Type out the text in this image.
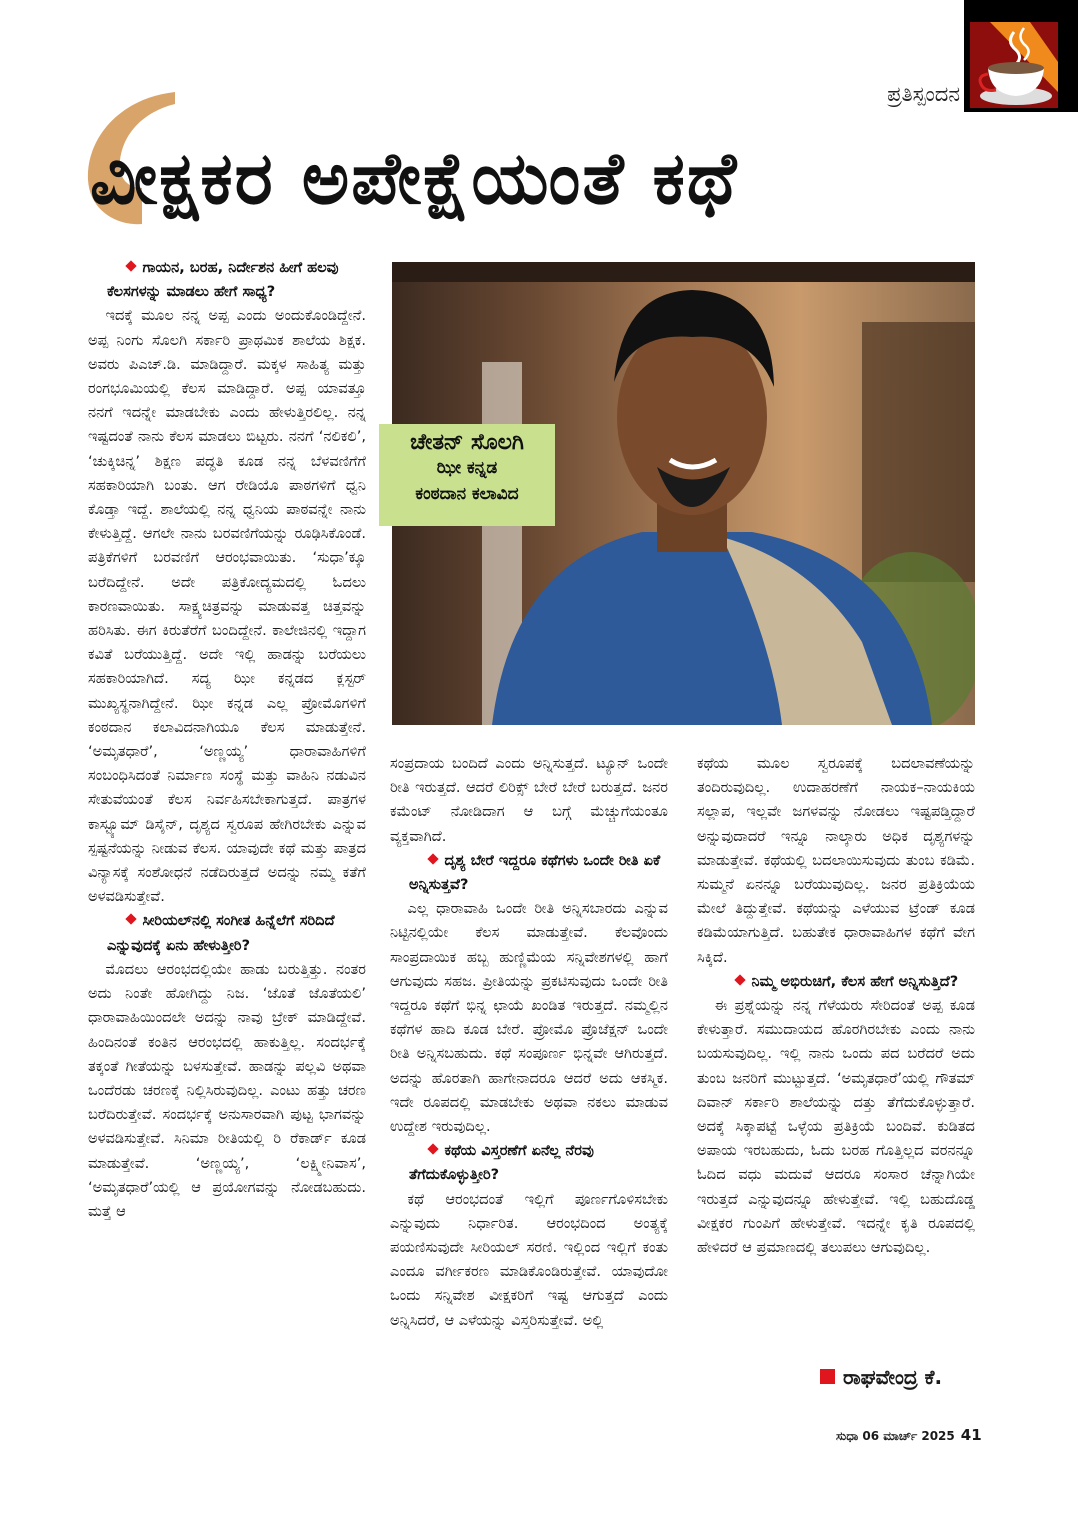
ಪ್ರತಿಸ್ಪಂದನ
ವೀಕ್ಷಕರ ಅಪೇಕ್ಷೆಯಂತೆ ಕಥೆ

ಗಾಯನ, ಬರಹ, ನಿರ್ದೇಶನ ಹೀಗೆ ಹಲವು ಕೆಲಸಗಳನ್ನು ಮಾಡಲು ಹೇಗೆ ಸಾಧ್ಯ?

ಇದಕ್ಕೆ ಮೂಲ ನನ್ನ ಅಪ್ಪ ಎಂದು ಅಂದುಕೊಂಡಿದ್ದೇನೆ. ಅಪ್ಪ ನಿಂಗು ಸೊಲಗಿ ಸರ್ಕಾರಿ ಪ್ರಾಥಮಿಕ ಶಾಲೆಯ ಶಿಕ್ಷಕ. ಅವರು ಪಿಎಚ್.ಡಿ. ಮಾಡಿದ್ದಾರೆ. ಮಕ್ಕಳ ಸಾಹಿತ್ಯ ಮತ್ತು ರಂಗಭೂಮಿಯಲ್ಲಿ ಕೆಲಸ ಮಾಡಿದ್ದಾರೆ. ಅಪ್ಪ ಯಾವತ್ತೂ ನನಗೆ ಇದನ್ನೇ ಮಾಡಬೇಕು ಎಂದು ಹೇಳುತ್ತಿರಲಿಲ್ಲ. ನನ್ನ ಇಷ್ಟದಂತೆ ನಾನು ಕೆಲಸ ಮಾಡಲು ಬಿಟ್ಟರು. ನನಗೆ ‘ನಲಿಕಲಿ’, ‘ಚುಕ್ಕಿಚಿನ್ನ’ ಶಿಕ್ಷಣ ಪದ್ಧತಿ ಕೂಡ ನನ್ನ ಬೆಳವಣಿಗೆಗೆ ಸಹಕಾರಿಯಾಗಿ ಬಂತು. ಆಗ ರೇಡಿಯೊ ಪಾಠಗಳಿಗೆ ಧ್ವನಿ ಕೊಡ್ತಾ ಇದ್ದೆ. ಶಾಲೆಯಲ್ಲಿ ನನ್ನ ಧ್ವನಿಯ ಪಾಠವನ್ನೇ ನಾನು ಕೇಳುತ್ತಿದ್ದೆ. ಆಗಲೇ ನಾನು ಬರವಣಿಗೆಯನ್ನು ರೂಢಿಸಿಕೊಂಡೆ. ಪತ್ರಿಕೆಗಳಿಗೆ ಬರವಣಿಗೆ ಆರಂಭವಾಯಿತು. ‘ಸುಧಾ’ಕ್ಕೂ ಬರೆದಿದ್ದೇನೆ. ಅದೇ ಪತ್ರಿಕೋದ್ಯಮದಲ್ಲಿ ಓದಲು ಕಾರಣವಾಯಿತು. ಸಾಕ್ಷ್ಯಚಿತ್ರವನ್ನು ಮಾಡುವತ್ತ ಚಿತ್ತವನ್ನು ಹರಿಸಿತು. ಈಗ ಕಿರುತೆರೆಗೆ ಬಂದಿದ್ದೇನೆ. ಕಾಲೇಜಿನಲ್ಲಿ ಇದ್ದಾಗ ಕವಿತೆ ಬರೆಯುತ್ತಿದ್ದೆ. ಅದೇ ಇಲ್ಲಿ ಹಾಡನ್ನು ಬರೆಯಲು ಸಹಕಾರಿಯಾಗಿದೆ. ಸದ್ಯ ಝೀ ಕನ್ನಡದ ಕ್ಲಸ್ಟರ್ ಮುಖ್ಯಸ್ಥನಾಗಿದ್ದೇನೆ. ಝೀ ಕನ್ನಡ ಎಲ್ಲ ಪ್ರೋಮೊಗಳಿಗೆ ಕಂಠದಾನ ಕಲಾವಿದನಾಗಿಯೂ ಕೆಲಸ ಮಾಡುತ್ತೇನೆ. ‘ಅಮೃತಧಾರೆ’, ‘ಅಣ್ಣಯ್ಯ’ ಧಾರಾವಾಹಿಗಳಿಗೆ ಸಂಬಂಧಿಸಿದಂತೆ ನಿರ್ಮಾಣ ಸಂಸ್ಥೆ ಮತ್ತು ವಾಹಿನಿ ನಡುವಿನ ಸೇತುವೆಯಂತೆ ಕೆಲಸ ನಿರ್ವಹಿಸಬೇಕಾಗುತ್ತದೆ. ಪಾತ್ರಗಳ ಕಾಸ್ಟ್ಯೂಮ್ ಡಿಸೈನ್, ದೃಶ್ಯದ ಸ್ವರೂಪ ಹೇಗಿರಬೇಕು ಎನ್ನುವ ಸ್ಪಷ್ಟನೆಯನ್ನು ನೀಡುವ ಕೆಲಸ. ಯಾವುದೇ ಕಥೆ ಮತ್ತು ಪಾತ್ರದ ವಿನ್ಯಾಸಕ್ಕೆ ಸಂಶೋಧನೆ ನಡೆದಿರುತ್ತದೆ ಅದನ್ನು ನಮ್ಮ ಕತೆಗೆ ಅಳವಡಿಸುತ್ತೇವೆ.

ಸೀರಿಯಲ್‌ನಲ್ಲಿ ಸಂಗೀತ ಹಿನ್ನೆಲೆಗೆ ಸರಿದಿದೆ ಎನ್ನುವುದಕ್ಕೆ ಏನು ಹೇಳುತ್ತೀರಿ?

ಮೊದಲು ಆರಂಭದಲ್ಲಿಯೇ ಹಾಡು ಬರುತ್ತಿತ್ತು. ನಂತರ ಅದು ನಿಂತೇ ಹೋಗಿದ್ದು ನಿಜ. ‘ಜೊತೆ ಜೊತೆಯಲಿ’ ಧಾರಾವಾಹಿಯಿಂದಲೇ ಅದನ್ನು ನಾವು ಬ್ರೇಕ್ ಮಾಡಿದ್ದೇವೆ. ಹಿಂದಿನಂತೆ ಕಂತಿನ ಆರಂಭದಲ್ಲಿ ಹಾಕುತ್ತಿಲ್ಲ. ಸಂದರ್ಭಕ್ಕೆ ತಕ್ಕಂತೆ ಗೀತೆಯನ್ನು ಬಳಸುತ್ತೇವೆ. ಹಾಡನ್ನು ಪಲ್ಲವಿ ಅಥವಾ ಒಂದೆರಡು ಚರಣಕ್ಕೆ ನಿಲ್ಲಿಸಿರುವುದಿಲ್ಲ. ಎಂಟು ಹತ್ತು ಚರಣ ಬರೆದಿರುತ್ತೇವೆ. ಸಂದರ್ಭಕ್ಕೆ ಅನುಸಾರವಾಗಿ ಪುಟ್ಟ ಭಾಗವನ್ನು ಅಳವಡಿಸುತ್ತೇವೆ. ಸಿನಿಮಾ ರೀತಿಯಲ್ಲಿ ರಿ ರೆಕಾರ್ಡ್ ಕೂಡ ಮಾಡುತ್ತೇವೆ. ‘ಅಣ್ಣಯ್ಯ’, ‘ಲಕ್ಷ್ಮೀನಿವಾಸ’, ‘ಅಮೃತಧಾರೆ’ಯಲ್ಲಿ ಆ ಪ್ರಯೋಗವನ್ನು ನೋಡಬಹುದು. ಮತ್ತೆ ಆ

ಚೇತನ್ ಸೊಲಗಿ
ಝೀ ಕನ್ನಡ
ಕಂಠದಾನ ಕಲಾವಿದ

ಸಂಪ್ರದಾಯ ಬಂದಿದೆ ಎಂದು ಅನ್ನಿಸುತ್ತದೆ. ಟ್ಯೂನ್ ಒಂದೇ ರೀತಿ ಇರುತ್ತದೆ. ಆದರೆ ಲಿರಿಕ್ಸ್ ಬೇರೆ ಬೇರೆ ಬರುತ್ತದೆ. ಜನರ ಕಮೆಂಟ್ ನೋಡಿದಾಗ ಆ ಬಗ್ಗೆ ಮೆಚ್ಚುಗೆಯಂತೂ ವ್ಯಕ್ತವಾಗಿದೆ.

ದೃಶ್ಯ ಬೇರೆ ಇದ್ದರೂ ಕಥೆಗಳು ಒಂದೇ ರೀತಿ ಏಕೆ ಅನ್ನಿಸುತ್ತವೆ?

ಎಲ್ಲ ಧಾರಾವಾಹಿ ಒಂದೇ ರೀತಿ ಅನ್ನಿಸಬಾರದು ಎನ್ನುವ ನಿಟ್ಟಿನಲ್ಲಿಯೇ ಕೆಲಸ ಮಾಡುತ್ತೇವೆ. ಕೆಲವೊಂದು ಸಾಂಪ್ರದಾಯಿಕ ಹಬ್ಬ ಹುಣ್ಣಿಮೆಯ ಸನ್ನಿವೇಶಗಳಲ್ಲಿ ಹಾಗೆ ಆಗುವುದು ಸಹಜ. ಪ್ರೀತಿಯನ್ನು ಪ್ರಕಟಿಸುವುದು ಒಂದೇ ರೀತಿ ಇದ್ದರೂ ಕಥೆಗೆ ಭಿನ್ನ ಛಾಯೆ ಖಂಡಿತ ಇರುತ್ತದೆ. ನಮ್ಮಲ್ಲಿನ ಕಥೆಗಳ ಹಾದಿ ಕೂಡ ಬೇರೆ. ಪ್ರೋಮೊ ಪ್ರೊಜೆಕ್ಷನ್ ಒಂದೇ ರೀತಿ ಅನ್ನಿಸಬಹುದು. ಕಥೆ ಸಂಪೂರ್ಣ ಭಿನ್ನವೇ ಆಗಿರುತ್ತದೆ. ಅದನ್ನು ಹೊರತಾಗಿ ಹಾಗೇನಾದರೂ ಆದರೆ ಅದು ಆಕಸ್ಮಿಕ. ಇದೇ ರೂಪದಲ್ಲಿ ಮಾಡಬೇಕು ಅಥವಾ ನಕಲು ಮಾಡುವ ಉದ್ದೇಶ ಇರುವುದಿಲ್ಲ.

ಕಥೆಯ ವಿಸ್ತರಣೆಗೆ ಏನೆಲ್ಲ ನೆರವು ತೆಗೆದುಕೊಳ್ಳುತ್ತೀರಿ?

ಕಥೆ ಆರಂಭದಂತೆ ಇಲ್ಲಿಗೆ ಪೂರ್ಣಗೊಳಿಸಬೇಕು ಎನ್ನುವುದು ನಿರ್ಧಾರಿತ. ಆರಂಭದಿಂದ ಅಂತ್ಯಕ್ಕೆ ಪಯಣಿಸುವುದೇ ಸೀರಿಯಲ್ ಸರಣಿ. ಇಲ್ಲಿಂದ ಇಲ್ಲಿಗೆ ಕಂತು ಎಂದೂ ವರ್ಗೀಕರಣ ಮಾಡಿಕೊಂಡಿರುತ್ತೇವೆ. ಯಾವುದೋ ಒಂದು ಸನ್ನಿವೇಶ ವೀಕ್ಷಕರಿಗೆ ಇಷ್ಟ ಆಗುತ್ತದೆ ಎಂದು ಅನ್ನಿಸಿದರೆ, ಆ ಎಳೆಯನ್ನು ವಿಸ್ತರಿಸುತ್ತೇವೆ. ಅಲ್ಲಿ

ಕಥೆಯ ಮೂಲ ಸ್ವರೂಪಕ್ಕೆ ಬದಲಾವಣೆಯನ್ನು ತಂದಿರುವುದಿಲ್ಲ. ಉದಾಹರಣೆಗೆ ನಾಯಕ–ನಾಯಕಿಯ ಸಲ್ಲಾಪ, ಇಲ್ಲವೇ ಜಗಳವನ್ನು ನೋಡಲು ಇಷ್ಟಪಡ್ತಿದ್ದಾರೆ ಅನ್ನುವುದಾದರೆ ಇನ್ನೂ ನಾಲ್ಕಾರು ಅಧಿಕ ದೃಶ್ಯಗಳನ್ನು ಮಾಡುತ್ತೇವೆ. ಕಥೆಯಲ್ಲಿ ಬದಲಾಯಿಸುವುದು ತುಂಬ ಕಡಿಮೆ. ಸುಮ್ಮನೆ ಏನನ್ನೂ ಬರೆಯುವುದಿಲ್ಲ. ಜನರ ಪ್ರತಿಕ್ರಿಯೆಯ ಮೇಲೆ ತಿದ್ದುತ್ತೇವೆ. ಕಥೆಯನ್ನು ಎಳೆಯುವ ಟ್ರೆಂಡ್ ಕೂಡ ಕಡಿಮೆಯಾಗುತ್ತಿದೆ. ಬಹುತೇಕ ಧಾರಾವಾಹಿಗಳ ಕಥೆಗೆ ವೇಗ ಸಿಕ್ಕಿದೆ.

ನಿಮ್ಮ ಅಭಿರುಚಿಗೆ, ಕೆಲಸ ಹೇಗೆ ಅನ್ನಿಸುತ್ತಿದೆ?

ಈ ಪ್ರಶ್ನೆಯನ್ನು ನನ್ನ ಗೆಳೆಯರು ಸೇರಿದಂತೆ ಅಪ್ಪ ಕೂಡ ಕೇಳುತ್ತಾರೆ. ಸಮುದಾಯದ ಹೊರಗಿರಬೇಕು ಎಂದು ನಾನು ಬಯಸುವುದಿಲ್ಲ. ಇಲ್ಲಿ ನಾನು ಒಂದು ಪದ ಬರೆದರೆ ಅದು ತುಂಬ ಜನರಿಗೆ ಮುಟ್ಟುತ್ತದೆ. ‘ಅಮೃತಧಾರೆ’ಯಲ್ಲಿ ಗೌತಮ್ ದಿವಾನ್ ಸರ್ಕಾರಿ ಶಾಲೆಯನ್ನು ದತ್ತು ತೆಗೆದುಕೊಳ್ಳುತ್ತಾರೆ. ಅದಕ್ಕೆ ಸಿಕ್ಕಾಪಟ್ಟೆ ಒಳ್ಳೆಯ ಪ್ರತಿಕ್ರಿಯೆ ಬಂದಿವೆ. ಕುಡಿತದ ಅಪಾಯ ಇರಬಹುದು, ಓದು ಬರಹ ಗೊತ್ತಿಲ್ಲದ ವರನನ್ನೂ ಓದಿದ ವಧು ಮದುವೆ ಆದರೂ ಸಂಸಾರ ಚೆನ್ನಾಗಿಯೇ ಇರುತ್ತದೆ ಎನ್ನುವುದನ್ನೂ ಹೇಳುತ್ತೇವೆ. ಇಲ್ಲಿ ಬಹುದೊಡ್ಡ ವೀಕ್ಷಕರ ಗುಂಪಿಗೆ ಹೇಳುತ್ತೇವೆ. ಇದನ್ನೇ ಕೃತಿ ರೂಪದಲ್ಲಿ ಹೇಳಿದರೆ ಆ ಪ್ರಮಾಣದಲ್ಲಿ ತಲುಪಲು ಆಗುವುದಿಲ್ಲ.

ರಾಘವೇಂದ್ರ ಕೆ.
ಸುಧಾ 06 ಮಾರ್ಚ್ 2025 41
